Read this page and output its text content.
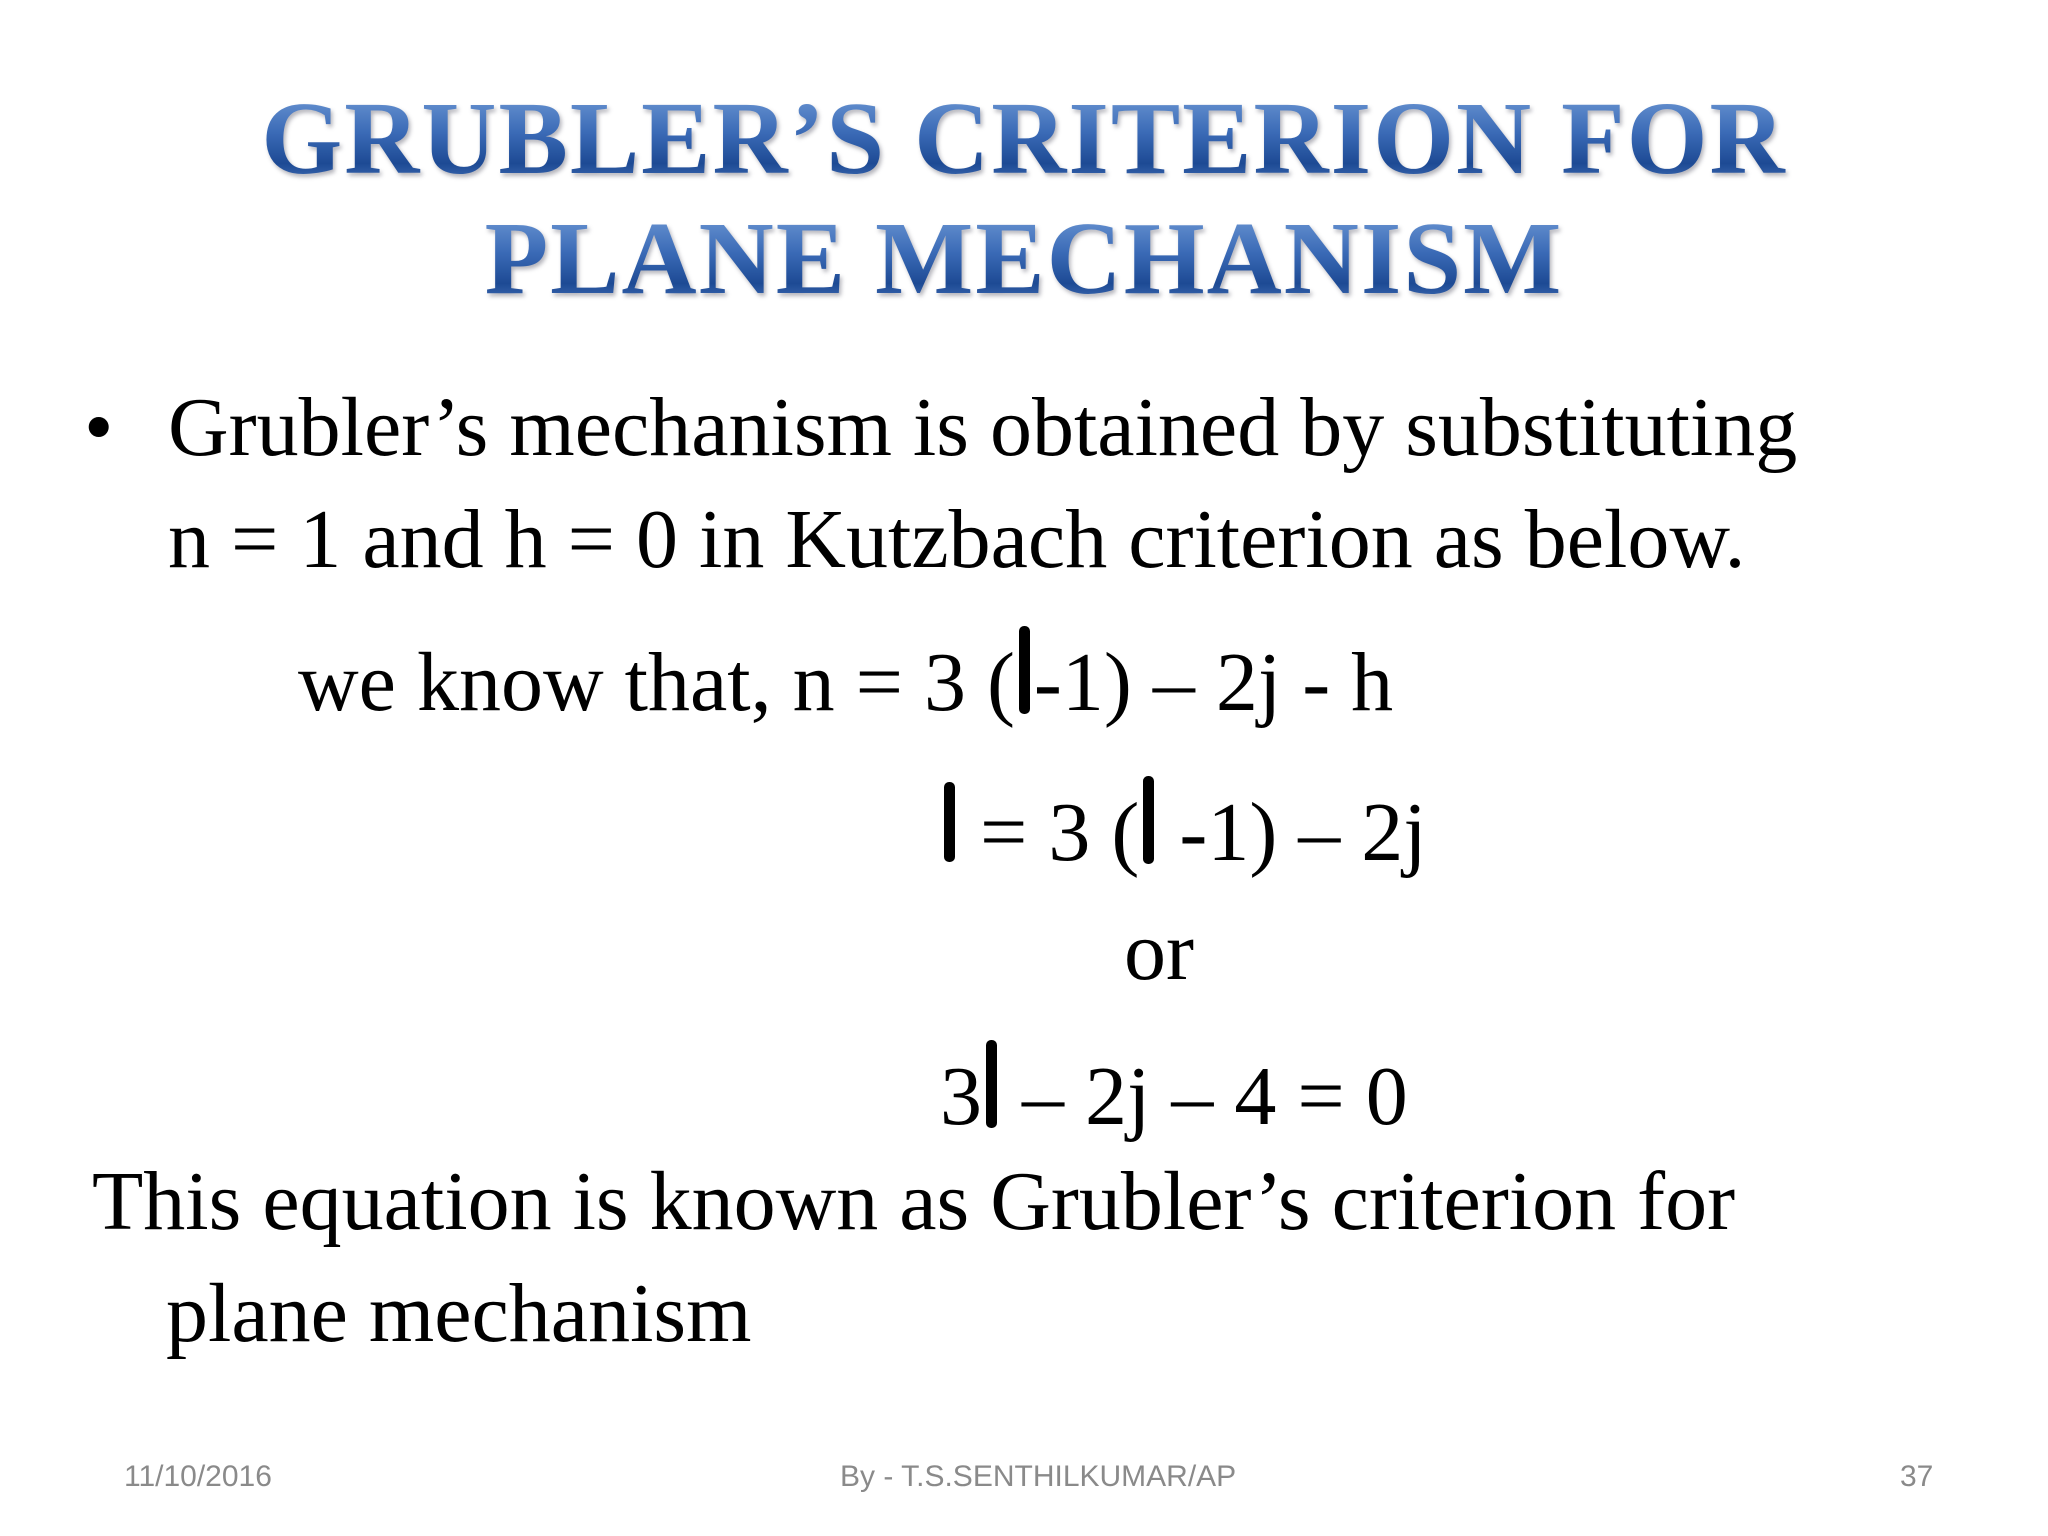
GRUBLER’S CRITERION FOR
PLANE MECHANISM
• Grubler’s mechanism is obtained by substituting
n = 1 and h = 0 in Kutzbach criterion as below.
we know that, n = 3 ( -1) – 2j - h
= 3 ( -1) – 2j
or
3 – 2j – 4 = 0
This equation is known as Grubler’s criterion for
plane mechanism
11/10/2016	By - T.S.SENTHILKUMAR/AP	37
